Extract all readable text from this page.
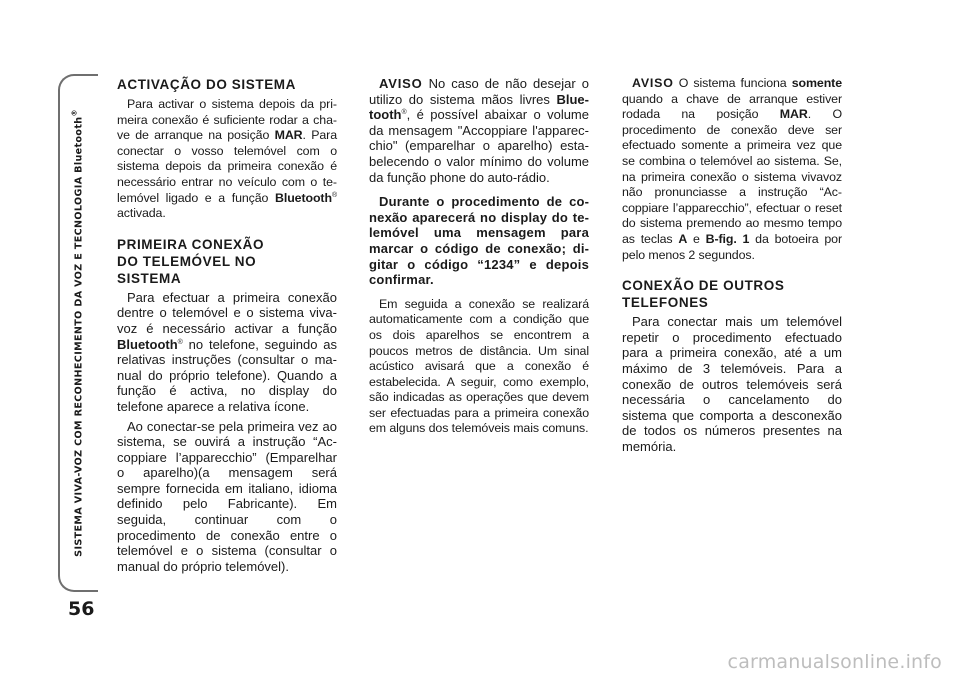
SISTEMA VIVA-VOZ COM RECONHECIMENTO DA VOZ E TECNOLOGIA Bluetooth®
56
ACTIVAÇÃO DO SISTEMA

Para activar o sistema depois da primeira conexão é suficiente rodar a chave de arranque na posição MAR. Para conectar o vosso telemóvel com o sistema depois da primeira conexão é necessário entrar no veículo com o telemóvel ligado e a função Bluetooth® activada.

PRIMEIRA CONEXÃO
DO TELEMÓVEL NO
SISTEMA

Para efectuar a primeira conexão dentre o telemóvel e o sistema vivavoz é necessário activar a função Bluetooth® no telefone, seguindo as relativas instruções (consultar o manual do próprio telefone). Quando a função é activa, no display do telefone aparece a relativa ícone.

Ao conectar-se pela primeira vez ao sistema, se ouvirá a instrução “Accoppiare l’apparecchio” (Emparelhar o aparelho)(a mensagem será sempre fornecida em italiano, idioma definido pelo Fabricante). Em seguida, continuar com o procedimento de conexão entre o telemóvel e o sistema (consultar o manual do próprio telemóvel).

AVISO No caso de não desejar o utilizo do sistema mãos livres Bluetooth®, é possível abaixar o volume da mensagem "Accoppiare l'apparecchio" (emparelhar o aparelho) estabelecendo o valor mínimo do volume da função phone do auto-rádio.

Durante o procedimento de conexão aparecerá no display do telemóvel uma mensagem para marcar o código de conexão; digitar o código “1234” e depois confirmar.

Em seguida a conexão se realizará automaticamente com a condição que os dois aparelhos se encontrem a poucos metros de distância. Um sinal acústico avisará que a conexão é estabelecida. A seguir, como exemplo, são indicadas as operações que devem ser efectuadas para a primeira conexão em alguns dos telemóveis mais comuns.

AVISO O sistema funciona somente quando a chave de arranque estiver rodada na posição MAR. O procedimento de conexão deve ser efectuado somente a primeira vez que se combina o telemóvel ao sistema. Se, na primeira conexão o sistema vivavoz não pronunciasse a instrução “Accoppiare l’apparecchio”, efectuar o reset do sistema premendo ao mesmo tempo as teclas A e B-fig. 1 da botoeira por pelo menos 2 segundos.

CONEXÃO DE OUTROS
TELEFONES

Para conectar mais um telemóvel repetir o procedimento efectuado para a primeira conexão, até a um máximo de 3 telemóveis. Para a conexão de outros telemóveis será necessária o cancelamento do sistema que comporta a desconexão de todos os números presentes na memória.

carmanualsonline.info
